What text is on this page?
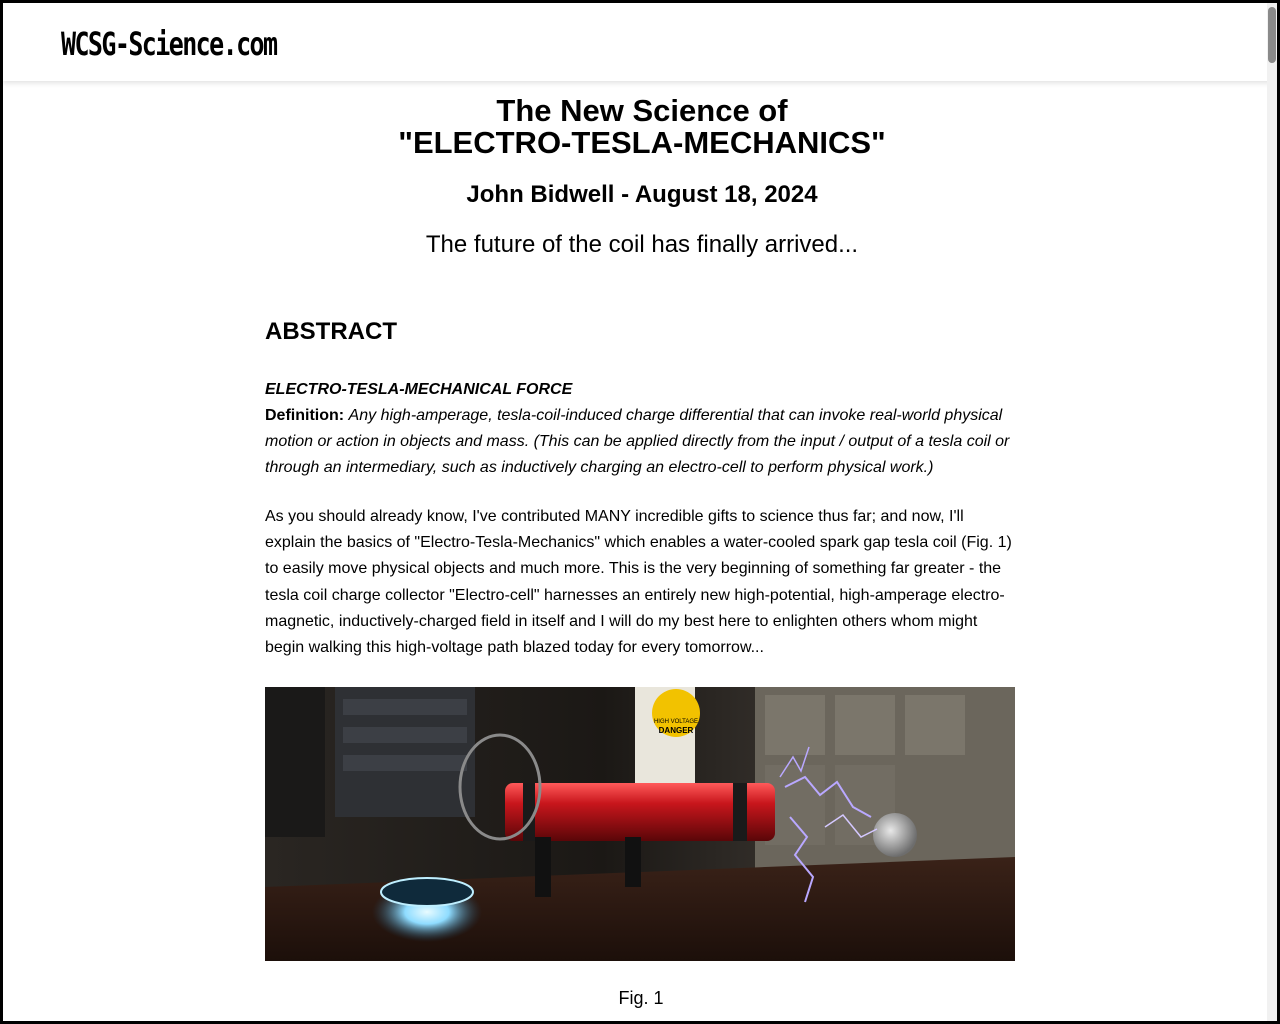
WCSG-Science.com
The New Science of
"ELECTRO-TESLA-MECHANICS"
John Bidwell - August 18, 2024
The future of the coil has finally arrived...
ABSTRACT
ELECTRO-TESLA-MECHANICAL FORCE
Definition: Any high-amperage, tesla-coil-induced charge differential that can invoke real-world physical motion or action in objects and mass. (This can be applied directly from the input / output of a tesla coil or through an intermediary, such as inductively charging an electro-cell to perform physical work.)

As you should already know, I've contributed MANY incredible gifts to science thus far; and now, I'll explain the basics of "Electro-Tesla-Mechanics" which enables a water-cooled spark gap tesla coil (Fig. 1) to easily move physical objects and much more. This is the very beginning of something far greater - the tesla coil charge collector "Electro-cell" harnesses an entirely new high-potential, high-amperage electro-magnetic, inductively-charged field in itself and I will do my best here to enlighten others whom might begin walking this high-voltage path blazed today for every tomorrow...

HIGH VOLTAGE
DANGER
Fig. 1
